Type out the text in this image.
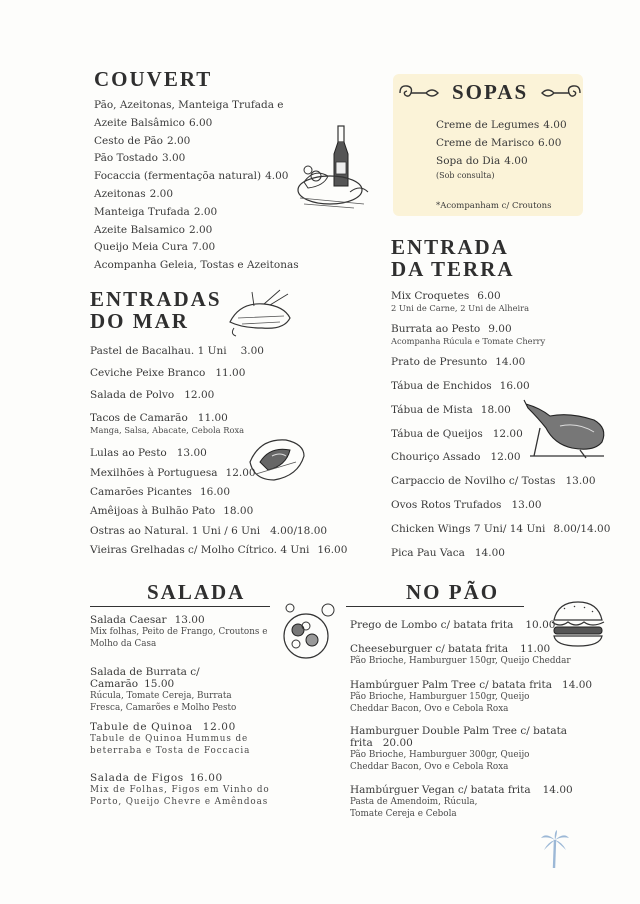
COUVERT
Pão, Azeitonas, Manteiga Trufada e
Azeite Balsâmico 6.00
Cesto de Pão 2.00
Pão Tostado 3.00
Focaccia (fermentaçõa natural) 4.00
Azeitonas 2.00
Manteiga Trufada 2.00
Azeite Balsamico 2.00
Queijo Meia Cura 7.00
Acompanha Geleia, Tostas e Azeitonas
SOPAS
Creme de Legumes 4.00
Creme de Marisco 6.00
Sopa do Dia 4.00
(Sob consulta)
*Acompanham c/ Croutons
ENTRADAS
DO MAR
Pastel de Bacalhau. 1 Uni 3.00
Ceviche Peixe Branco 11.00
Salada de Polvo 12.00
Tacos de Camarão 11.00
Manga, Salsa, Abacate, Cebola Roxa
Lulas ao Pesto 13.00
Mexilhões à Portuguesa 12.00
Camarões Picantes 16.00
Amêijoas à Bulhão Pato 18.00
Ostras ao Natural. 1 Uni / 6 Uni 4.00/18.00
Vieiras Grelhadas c/ Molho Cítrico. 4 Uni 16.00
ENTRADA
DA TERRA
Mix Croquetes 6.00
2 Uni de Carne, 2 Uni de Alheira
Burrata ao Pesto 9.00
Acompanha Rúcula e Tomate Cherry
Prato de Presunto 14.00
Tábua de Enchidos 16.00
Tábua de Mista 18.00
Tábua de Queijos 12.00
Chouriço Assado 12.00
Carpaccio de Novilho c/ Tostas 13.00
Ovos Rotos Trufados 13.00
Chicken Wings 7 Uni/ 14 Uni 8.00/14.00
Pica Pau Vaca 14.00
SALADA
Salada Caesar 13.00
Mix folhas, Peito de Frango, Croutons e Molho da Casa
Salada de Burrata c/ Camarão 15.00
Rúcula, Tomate Cereja, Burrata Fresca, Camarões e Molho Pesto
Tabule de Quinoa 12.00
Tabule de Quinoa Hummus de beterraba e Tosta de Foccacia
Salada de Figos 16.00
Mix de Folhas, Figos em Vinho do Porto, Queijo Chevre e Amêndoas
NO PÃO
Prego de Lombo c/ batata frita 10.00
Cheeseburguer c/ batata frita 11.00
Pão Brioche, Hamburguer 150gr, Queijo Cheddar
Hambúrguer Palm Tree c/ batata frita 14.00
Pão Brioche, Hamburguer 150gr, Queijo Cheddar Bacon, Ovo e Cebola Roxa
Hamburguer Double Palm Tree c/ batata frita 20.00
Pão Brioche, Hamburguer 300gr, Queijo Cheddar Bacon, Ovo e Cebola Roxa
Hambúrguer Vegan c/ batata frita 14.00
Pasta de Amendoim, Rúcula, Tomate Cereja e Cebola
